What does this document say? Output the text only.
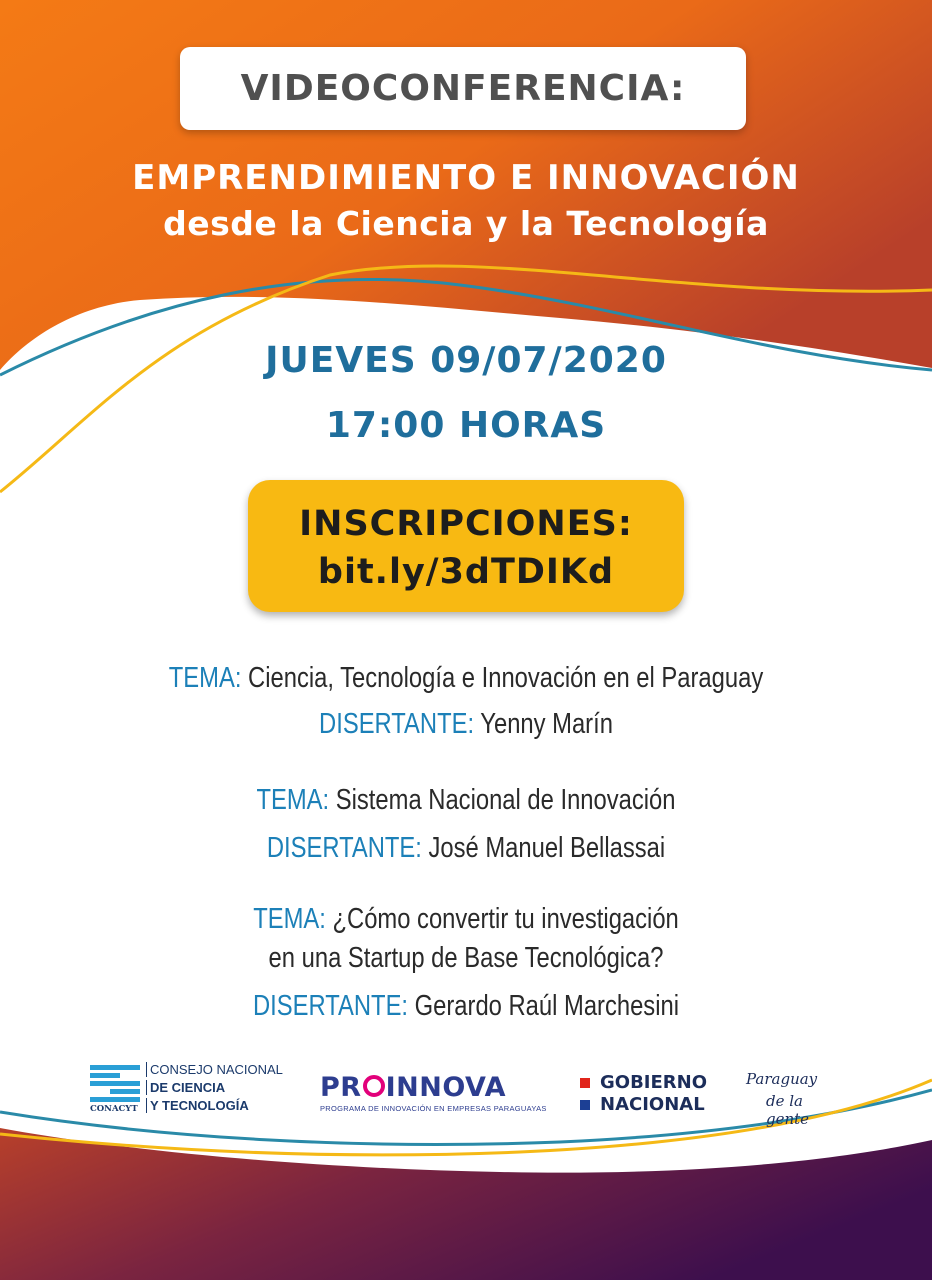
VIDEOCONFERENCIA:
EMPRENDIMIENTO E INNOVACIÓN
desde la Ciencia y la Tecnología
JUEVES 09/07/2020
17:00 HORAS
INSCRIPCIONES:
bit.ly/3dTDIKd
TEMA: Ciencia, Tecnología e Innovación en el Paraguay
DISERTANTE: Yenny Marín
TEMA: Sistema Nacional de Innovación
DISERTANTE: José Manuel Bellassai
TEMA: ¿Cómo convertir tu investigación
en una Startup de Base Tecnológica?
DISERTANTE: Gerardo Raúl Marchesini
CONACYT
CONSEJO NACIONAL
DE CIENCIA
Y TECNOLOGÍA
PR INNOVA
PROGRAMA DE INNOVACIÓN EN EMPRESAS PARAGUAYAS
GOBIERNO
NACIONAL
Paraguay
de la gente
